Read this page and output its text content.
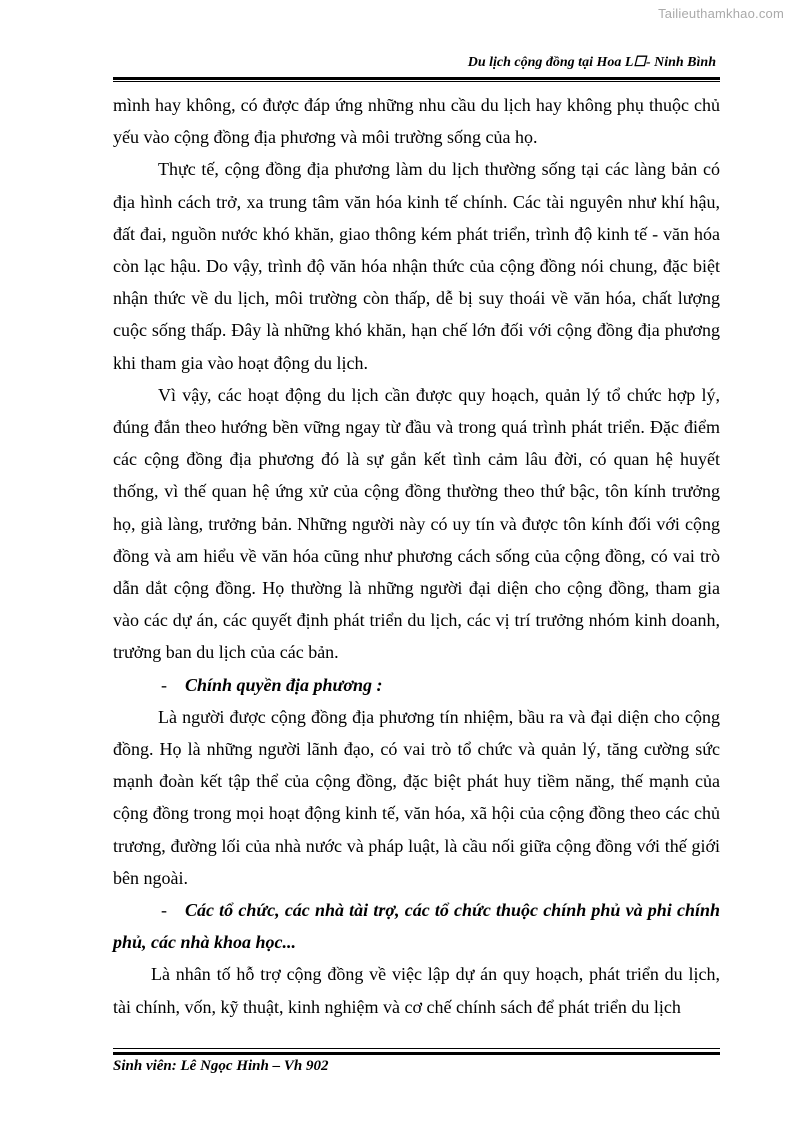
Tailieuthamkhao.com
Du lịch cộng đồng tại Hoa L☐- Ninh Bình

mình hay không, có được đáp ứng những nhu cầu du lịch hay không phụ thuộc chủ yếu vào cộng đồng địa phương và môi trường sống của họ.

Thực tế, cộng đồng địa phương làm du lịch thường sống tại các làng bản có địa hình cách trở, xa trung tâm văn hóa kinh tế chính. Các tài nguyên như khí hậu, đất đai, nguồn nước khó khăn, giao thông kém phát triển, trình độ kinh tế - văn hóa còn lạc hậu. Do vậy, trình độ văn hóa nhận thức của cộng đồng nói chung, đặc biệt nhận thức về du lịch, môi trường còn thấp, dễ bị suy thoái về văn hóa, chất lượng cuộc sống thấp. Đây là những khó khăn, hạn chế lớn đối với cộng đồng địa phương khi tham gia vào hoạt động du lịch.

Vì vậy, các hoạt động du lịch cần được quy hoạch, quản lý tổ chức hợp lý, đúng đắn theo hướng bền vững ngay từ đầu và trong quá trình phát triển. Đặc điểm các cộng đồng địa phương đó là sự gắn kết tình cảm lâu đời, có quan hệ huyết thống, vì thế quan hệ ứng xử của cộng đồng thường theo thứ bậc, tôn kính trưởng họ, già làng, trưởng bản. Những người này có uy tín và được tôn kính đối với cộng đồng và am hiểu về văn hóa cũng như phương cách sống của cộng đồng, có vai trò dẫn dắt cộng đồng. Họ thường là những người đại diện cho cộng đồng, tham gia vào các dự án, các quyết định phát triển du lịch, các vị trí trưởng nhóm kinh doanh, trưởng ban du lịch của các bản.

- Chính quyền địa phương :

Là người được cộng đồng địa phương tín nhiệm, bầu ra và đại diện cho cộng đồng. Họ là những người lãnh đạo, có vai trò tổ chức và quản lý, tăng cường sức mạnh đoàn kết tập thể của cộng đồng, đặc biệt phát huy tiềm năng, thế mạnh của cộng đồng trong mọi hoạt động kinh tế, văn hóa, xã hội của cộng đồng theo các chủ trương, đường lối của nhà nước và pháp luật, là cầu nối giữa cộng đồng với thế giới bên ngoài.

- Các tổ chức, các nhà tài trợ, các tổ chức thuộc chính phủ và phi chính phủ, các nhà khoa học...

Là nhân tố hỗ trợ cộng đồng về việc lập dự án quy hoạch, phát triển du lịch, tài chính, vốn, kỹ thuật, kinh nghiệm và cơ chế chính sách để phát triển du lịch

Sinh viên: Lê Ngọc Hinh – Vh 902
